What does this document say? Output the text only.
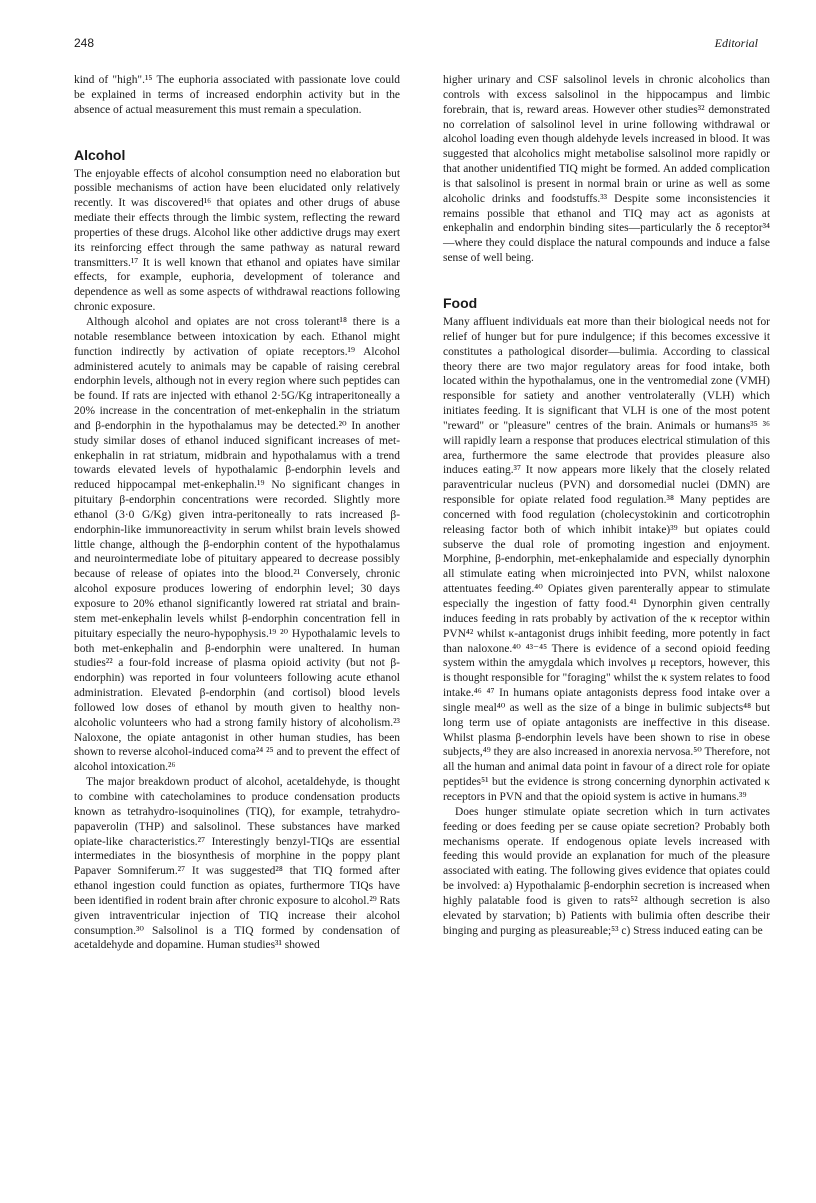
248	Editorial

kind of "high".¹⁵ The euphoria associated with passionate love could be explained in terms of increased endorphin activity but in the absence of actual measurement this must remain a speculation.

Alcohol

The enjoyable effects of alcohol consumption need no elaboration but possible mechanisms of action have been elucidated only relatively recently. It was discovered¹⁶ that opiates and other drugs of abuse mediate their effects through the limbic system, reflecting the reward properties of these drugs. Alcohol like other addictive drugs may exert its reinforcing effect through the same pathway as natural reward transmitters.¹⁷ It is well known that ethanol and opiates have similar effects, for example, euphoria, development of tolerance and dependence as well as some aspects of withdrawal reactions following chronic exposure.

Although alcohol and opiates are not cross tolerant¹⁸ there is a notable resemblance between intoxication by each. Ethanol might function indirectly by activation of opiate receptors.¹⁹ Alcohol administered acutely to animals may be capable of raising cerebral endorphin levels, although not in every region where such peptides can be found. If rats are injected with ethanol 2·5G/Kg intraperitoneally a 20% increase in the concentration of met-enkephalin in the striatum and β-endorphin in the hypothalamus may be detected.²⁰ In another study similar doses of ethanol induced significant increases of met-enkephalin in rat striatum, midbrain and hypothalamus with a trend towards elevated levels of hypothalamic β-endorphin levels and reduced hippocampal met-enkephalin.¹⁹ No significant changes in pituitary β-endorphin concentrations were recorded. Slightly more ethanol (3·0 G/Kg) given intra-peritoneally to rats increased β-endorphin-like immunoreactivity in serum whilst brain levels showed little change, although the β-endorphin content of the hypothalamus and neurointermediate lobe of pituitary appeared to decrease possibly because of release of opiates into the blood.²¹ Conversely, chronic alcohol exposure produces lowering of endorphin level; 30 days exposure to 20% ethanol significantly lowered rat striatal and brain-stem met-enkephalin levels whilst β-endorphin concentration fell in pituitary especially the neuro-hypophysis.¹⁹ ²⁰ Hypothalamic levels to both met-enkephalin and β-endorphin were unaltered. In human studies²² a four-fold increase of plasma opioid activity (but not β-endorphin) was reported in four volunteers following acute ethanol administration. Elevated β-endorphin (and cortisol) blood levels followed low doses of ethanol by mouth given to healthy non-alcoholic volunteers who had a strong family history of alcoholism.²³ Naloxone, the opiate antagonist in other human studies, has been shown to reverse alcohol-induced coma²⁴ ²⁵ and to prevent the effect of alcohol intoxication.²⁶

The major breakdown product of alcohol, acetaldehyde, is thought to combine with catecholamines to produce condensation products known as tetrahydro-isoquinolines (TIQ), for example, tetrahydro-papaverolin (THP) and salsolinol. These substances have marked opiate-like characteristics.²⁷ Interestingly benzyl-TIQs are essential intermediates in the biosynthesis of morphine in the poppy plant Papaver Somniferum.²⁷ It was suggested²⁸ that TIQ formed after ethanol ingestion could function as opiates, furthermore TIQs have been identified in rodent brain after chronic exposure to alcohol.²⁹ Rats given intraventricular injection of TIQ increase their alcohol consumption.³⁰ Salsolinol is a TIQ formed by condensation of acetaldehyde and dopamine. Human studies³¹ showed

higher urinary and CSF salsolinol levels in chronic alcoholics than controls with excess salsolinol in the hippocampus and limbic forebrain, that is, reward areas. However other studies³² demonstrated no correlation of salsolinol level in urine following withdrawal or alcohol loading even though aldehyde levels increased in blood. It was suggested that alcoholics might metabolise salsolinol more rapidly or that another unidentified TIQ might be formed. An added complication is that salsolinol is present in normal brain or urine as well as some alcoholic drinks and foodstuffs.³³ Despite some inconsistencies it remains possible that ethanol and TIQ may act as agonists at enkephalin and endorphin binding sites—particularly the δ receptor³⁴—where they could displace the natural compounds and induce a false sense of well being.

Food

Many affluent individuals eat more than their biological needs not for relief of hunger but for pure indulgence; if this becomes excessive it constitutes a pathological disorder—bulimia. According to classical theory there are two major regulatory areas for food intake, both located within the hypothalamus, one in the ventromedial zone (VMH) responsible for satiety and another ventrolaterally (VLH) which initiates feeding. It is significant that VLH is one of the most potent "reward" or "pleasure" centres of the brain. Animals or humans³⁵ ³⁶ will rapidly learn a response that produces electrical stimulation of this area, furthermore the same electrode that provides pleasure also induces eating.³⁷ It now appears more likely that the closely related paraventricular nucleus (PVN) and dorsomedial nuclei (DMN) are responsible for opiate related food regulation.³⁸ Many peptides are concerned with food regulation (cholecystokinin and corticotrophin releasing factor both of which inhibit intake)³⁹ but opiates could subserve the dual role of promoting ingestion and enjoyment. Morphine, β-endorphin, met-enkephalamide and especially dynorphin all stimulate eating when microinjected into PVN, whilst naloxone attentuates feeding.⁴⁰ Opiates given parenterally appear to stimulate especially the ingestion of fatty food.⁴¹ Dynorphin given centrally induces feeding in rats probably by activation of the κ receptor within PVN⁴² whilst κ-antagonist drugs inhibit feeding, more potently in fact than naloxone.⁴⁰ ⁴³⁻⁴⁵ There is evidence of a second opioid feeding system within the amygdala which involves μ receptors, however, this is thought responsible for "foraging" whilst the κ system relates to food intake.⁴⁶ ⁴⁷ In humans opiate antagonists depress food intake over a single meal⁴⁰ as well as the size of a binge in bulimic subjects⁴⁸ but long term use of opiate antagonists are ineffective in this disease. Whilst plasma β-endorphin levels have been shown to rise in obese subjects,⁴⁹ they are also increased in anorexia nervosa.⁵⁰ Therefore, not all the human and animal data point in favour of a direct role for opiate peptides⁵¹ but the evidence is strong concerning dynorphin activated κ receptors in PVN and that the opioid system is active in humans.³⁹

Does hunger stimulate opiate secretion which in turn activates feeding or does feeding per se cause opiate secretion? Probably both mechanisms operate. If endogenous opiate levels increased with feeding this would provide an explanation for much of the pleasure associated with eating. The following gives evidence that opiates could be involved: a) Hypothalamic β-endorphin secretion is increased when highly palatable food is given to rats⁵² although secretion is also elevated by starvation; b) Patients with bulimia often describe their binging and purging as pleasureable;⁵³ c) Stress induced eating can be
